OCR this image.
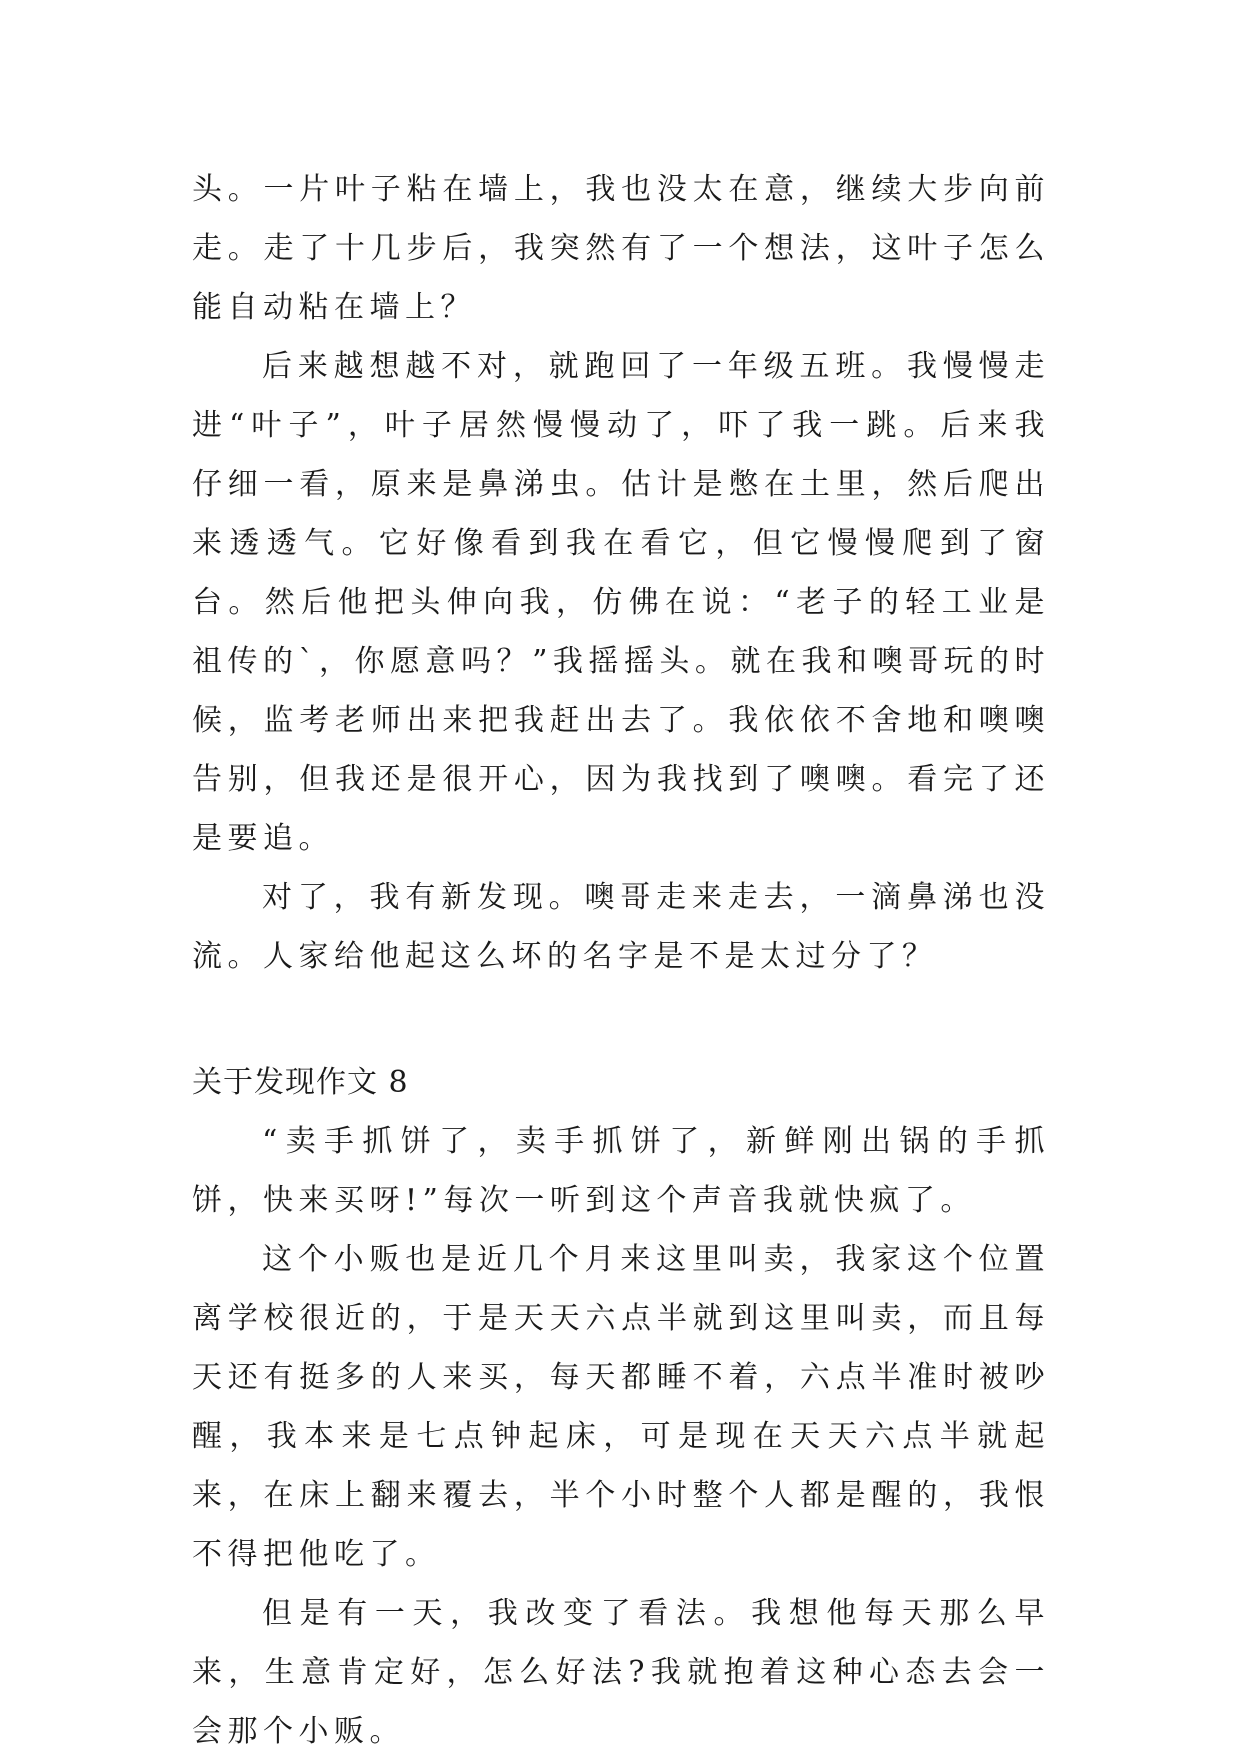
头。一片叶子粘在墙上，我也没太在意，继续大步向前走。走了十几步后，我突然有了一个想法，这叶子怎么能自动粘在墙上？

后来越想越不对，就跑回了一年级五班。我慢慢走进“叶子”，叶子居然慢慢动了，吓了我一跳。后来我仔细一看，原来是鼻涕虫。估计是憋在土里，然后爬出来透透气。它好像看到我在看它，但它慢慢爬到了窗台。然后他把头伸向我，仿佛在说：“老子的轻工业是祖传的`，你愿意吗？”我摇摇头。就在我和噢哥玩的时候，监考老师出来把我赶出去了。我依依不舍地和噢噢告别，但我还是很开心，因为我找到了噢噢。看完了还是要追。

对了，我有新发现。噢哥走来走去，一滴鼻涕也没流。人家给他起这么坏的名字是不是太过分了？

关于发现作文 8

“卖手抓饼了，卖手抓饼了，新鲜刚出锅的手抓饼，快来买呀!”每次一听到这个声音我就快疯了。

这个小贩也是近几个月来这里叫卖，我家这个位置离学校很近的，于是天天六点半就到这里叫卖，而且每天还有挺多的人来买，每天都睡不着，六点半准时被吵醒，我本来是七点钟起床，可是现在天天六点半就起来，在床上翻来覆去，半个小时整个人都是醒的，我恨不得把他吃了。

但是有一天，我改变了看法。我想他每天那么早来，生意肯定好，怎么好法?我就抱着这种心态去会一会那个小贩。
